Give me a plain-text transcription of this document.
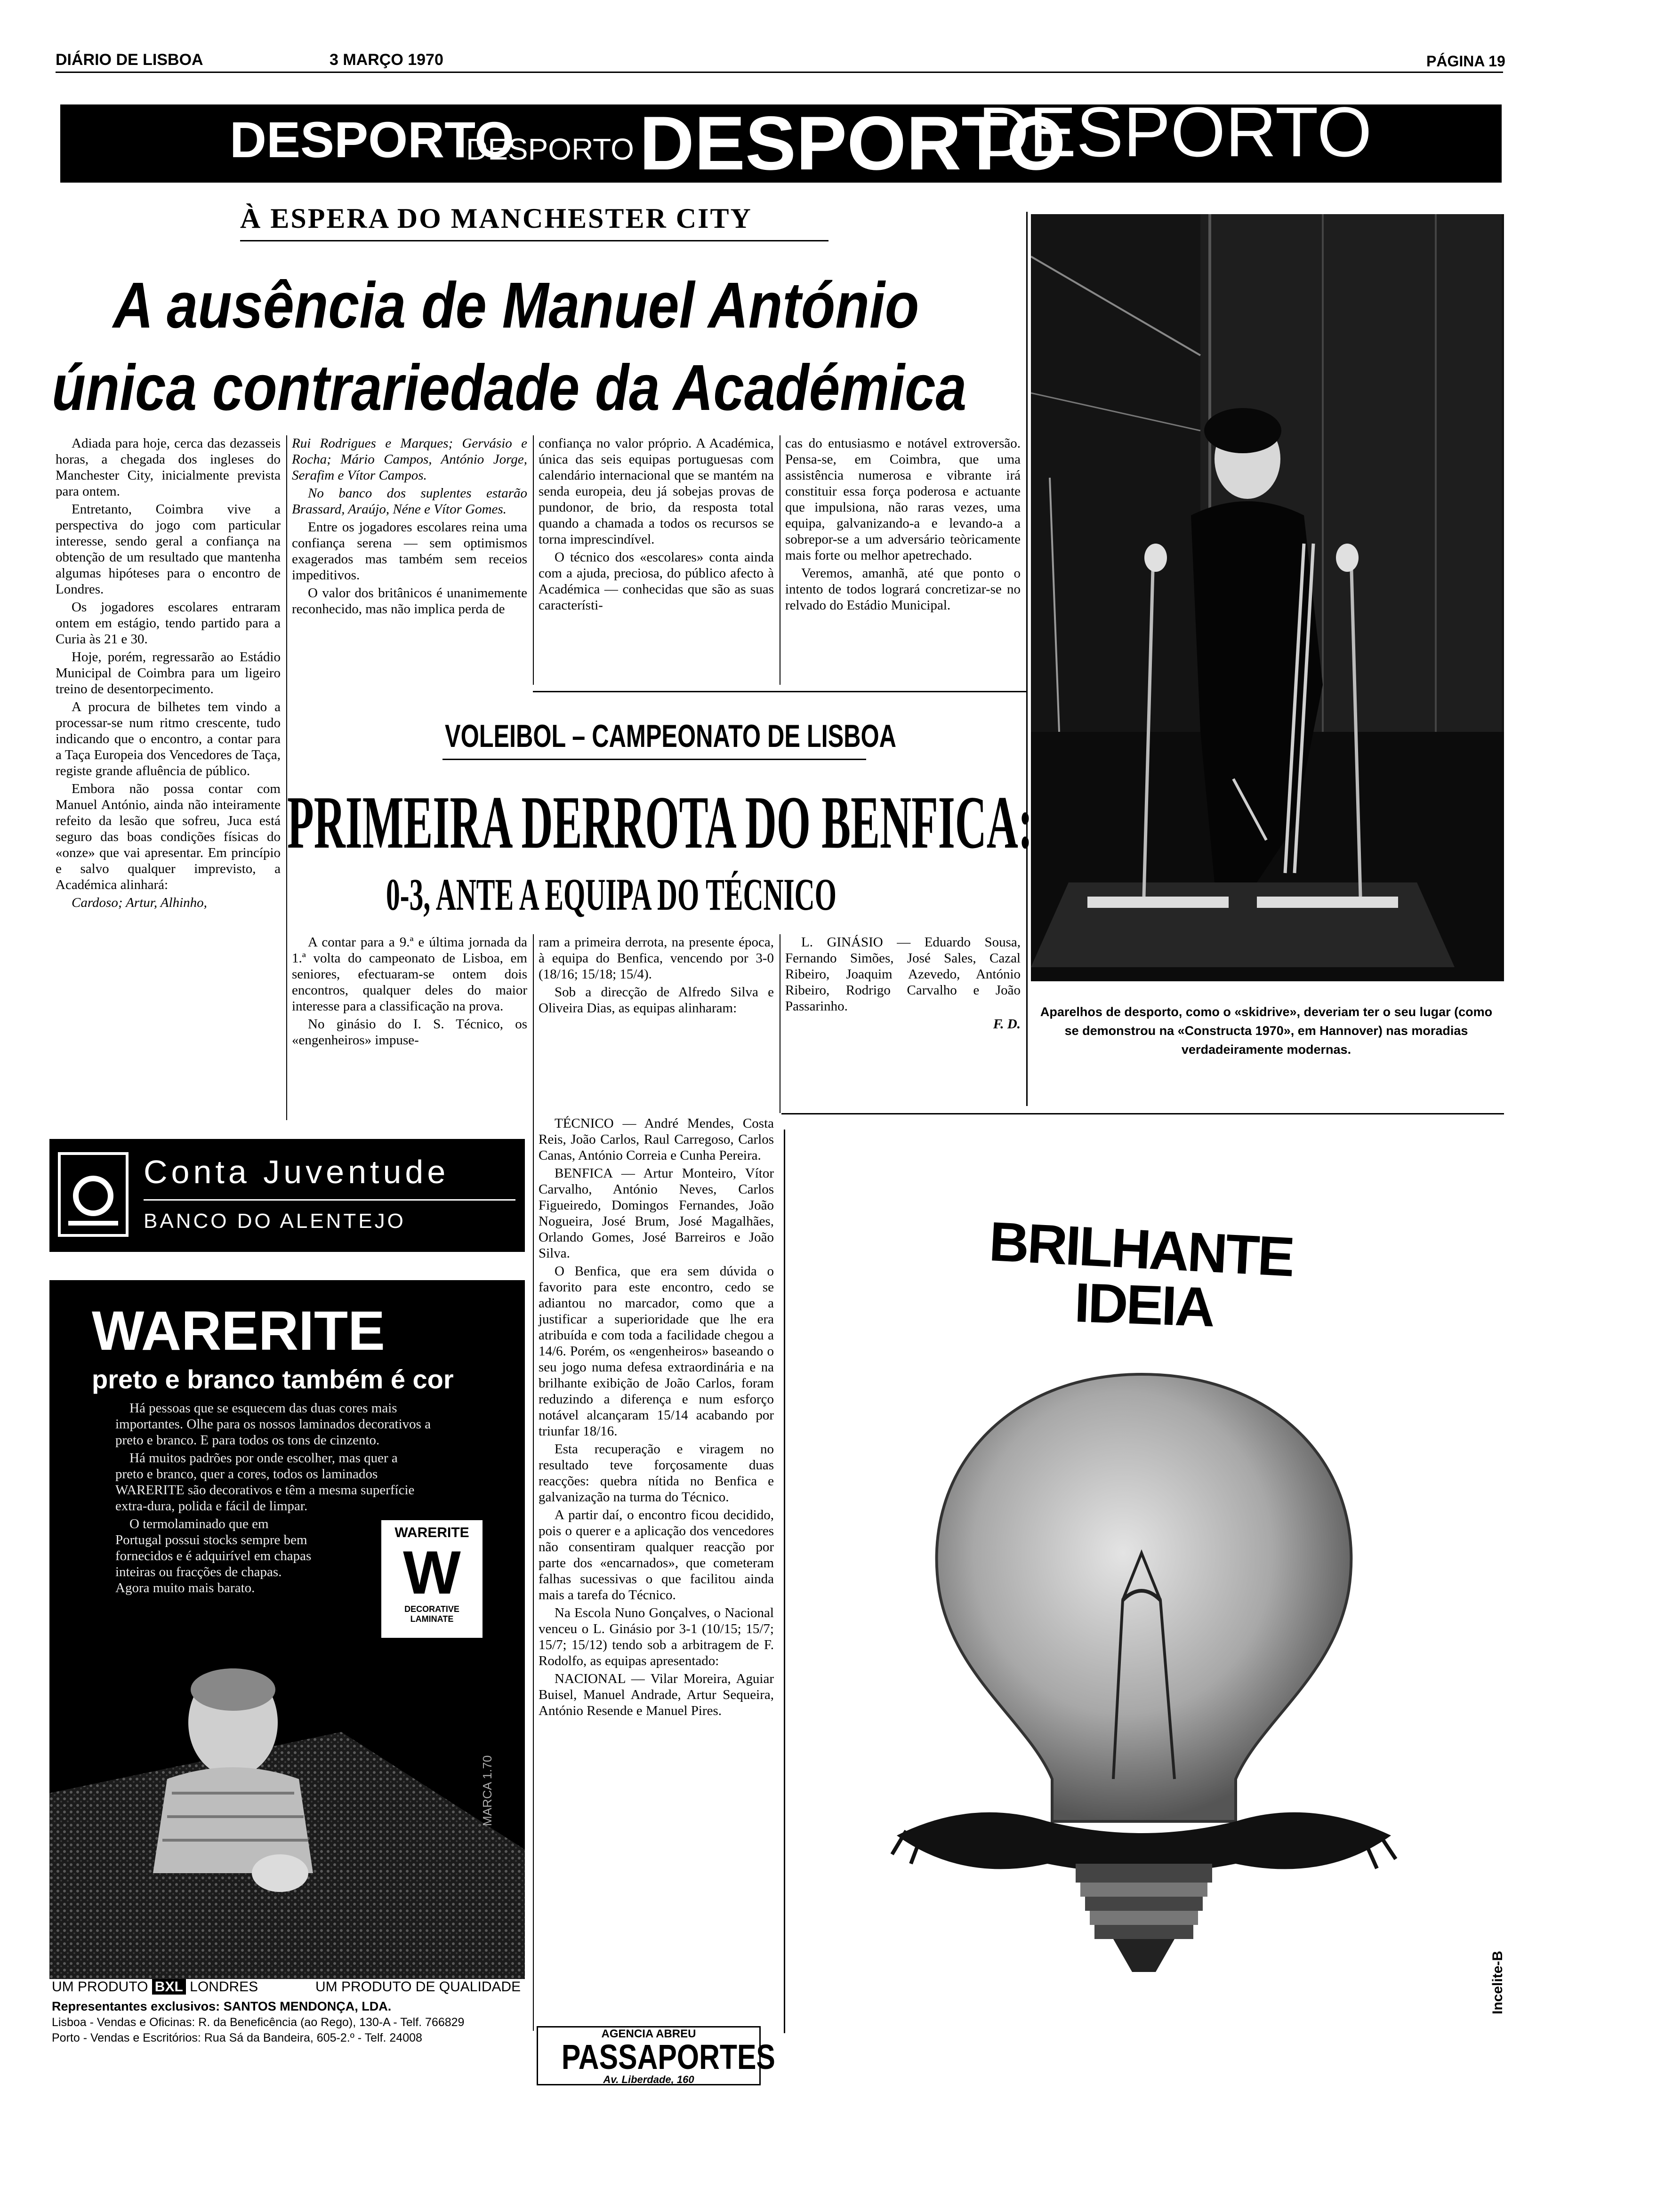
DIÁRIO DE LISBOA	3 MARÇO 1970	PÁGINA 19
DESPORTO
DESPORTO DESPORTO
DESPORTO
À ESPERA DO MANCHESTER CITY
A ausência de Manuel António
única contrariedade da Académica

Adiada para hoje, cerca das dezasseis horas, a chegada dos ingleses do Manchester City, inicialmente prevista para ontem.

Entretanto, Coimbra vive a perspectiva do jogo com particular interesse, sendo geral a confiança na obtenção de um resultado que mantenha algumas hipóteses para o encontro de Londres.

Os jogadores escolares entraram ontem em estágio, tendo partido para a Curia às 21 e 30.

Hoje, porém, regressarão ao Estádio Municipal de Coimbra para um ligeiro treino de desentorpecimento.

A procura de bilhetes tem vindo a processar-se num ritmo crescente, tudo indicando que o encontro, a contar para a Taça Europeia dos Vencedores de Taça, registe grande afluência de público.

Embora não possa contar com Manuel António, ainda não inteiramente refeito da lesão que sofreu, Juca está seguro das boas condições físicas do «onze» que vai apresentar. Em princípio e salvo qualquer imprevisto, a Académica alinhará:

Cardoso; Artur, Alhinho,

Rui Rodrigues e Marques; Gervásio e Rocha; Mário Campos, António Jorge, Serafim e Vítor Campos.

No banco dos suplentes estarão Brassard, Araújo, Néne e Vítor Gomes.

Entre os jogadores escolares reina uma confiança serena — sem optimismos exagerados mas também sem receios impeditivos.

O valor dos britânicos é unanimemente reconhecido, mas não implica perda de

confiança no valor próprio. A Académica, única das seis equipas portuguesas com calendário internacional que se mantém na senda europeia, deu já sobejas provas de pundonor, de brio, da resposta total quando a chamada a todos os recursos se torna imprescindível.

O técnico dos «escolares» conta ainda com a ajuda, preciosa, do público afecto à Académica — conhecidas que são as suas característi-

cas do entusiasmo e notável extroversão. Pensa-se, em Coimbra, que uma assistência numerosa e vibrante irá constituir essa força poderosa e actuante que impulsiona, não raras vezes, uma equipa, galvanizando-a e levando-a a sobrepor-se a um adversário teòricamente mais forte ou melhor apetrechado.

Veremos, amanhã, até que ponto o intento de todos logrará concretizar-se no relvado do Estádio Municipal.

Aparelhos de desporto, como o «skidrive», deveriam ter o seu lugar (como se demonstrou na «Constructa 1970», em Hannover) nas moradias verdadeiramente modernas.
VOLEIBOL – CAMPEONATO DE LISBOA
PRIMEIRA DERROTA DO BENFICA:
0-3, ANTE A EQUIPA DO TÉCNICO

A contar para a 9.ª e última jornada da 1.ª volta do campeonato de Lisboa, em seniores, efectuaram-se ontem dois encontros, qualquer deles do maior interesse para a classificação na prova.

No ginásio do I. S. Técnico, os «engenheiros» impuse-

ram a primeira derrota, na presente época, à equipa do Benfica, vencendo por 3-0 (18/16; 15/18; 15/4).

Sob a direcção de Alfredo Silva e Oliveira Dias, as equipas alinharam:

L. GINÁSIO — Eduardo Sousa, Fernando Simões, José Sales, Cazal Ribeiro, Joaquim Azevedo, António Ribeiro, Rodrigo Carvalho e João Passarinho.

F. D.

TÉCNICO — André Mendes, Costa Reis, João Carlos, Raul Carregoso, Carlos Canas, António Correia e Cunha Pereira.

BENFICA — Artur Monteiro, Vítor Carvalho, António Neves, Carlos Figueiredo, Domingos Fernandes, João Nogueira, José Brum, José Magalhães, Orlando Gomes, José Barreiros e João Silva.

O Benfica, que era sem dúvida o favorito para este encontro, cedo se adiantou no marcador, como que a justificar a superioridade que lhe era atribuída e com toda a facilidade chegou a 14/6. Porém, os «engenheiros» baseando o seu jogo numa defesa extraordinária e na brilhante exibição de João Carlos, foram reduzindo a diferença e num esforço notável alcançaram 15/14 acabando por triunfar 18/16.

Esta recuperação e viragem no resultado teve forçosamente duas reacções: quebra nítida no Benfica e galvanização na turma do Técnico.

A partir daí, o encontro ficou decidido, pois o querer e a aplicação dos vencedores não consentiram qualquer reacção por parte dos «encarnados», que cometeram falhas sucessivas o que facilitou ainda mais a tarefa do Técnico.

Na Escola Nuno Gonçalves, o Nacional venceu o L. Ginásio por 3-1 (10/15; 15/7; 15/7; 15/12) tendo sob a arbitragem de F. Rodolfo, as equipas apresentado:

NACIONAL — Vilar Moreira, Aguiar Buisel, Manuel Andrade, Artur Sequeira, António Resende e Manuel Pires.

Conta Juventude
BANCO DO ALENTEJO
WARERITE
preto e branco também é cor

Há pessoas que se esquecem das duas cores mais importantes. Olhe para os nossos laminados decorativos a preto e branco. E para todos os tons de cinzento.

Há muitos padrões por onde escolher, mas quer a preto e branco, quer a cores, todos os laminados WARERITE são decorativos e têm a mesma superfície extra-dura, polida e fácil de limpar.

O termolaminado que em Portugal possui stocks sempre bem fornecidos e é adquirível em chapas inteiras ou fracções de chapas. Agora muito mais barato.

WARERITE
W
DECORATIVE
LAMINATE
MARCA 1.70
UM PRODUTO BXL LONDRES	UM PRODUTO DE QUALIDADE
Representantes exclusivos: SANTOS MENDONÇA, LDA.
Lisboa - Vendas e Oficinas: R. da Beneficência (ao Rego), 130-A - Telf. 766829
Porto - Vendas e Escritórios: Rua Sá da Bandeira, 605-2.º - Telf. 24008	AGENCIA ABREU
PASSAPORTES
Av. Liberdade, 160
BRILHANTE
IDEIA
Incelite-B
